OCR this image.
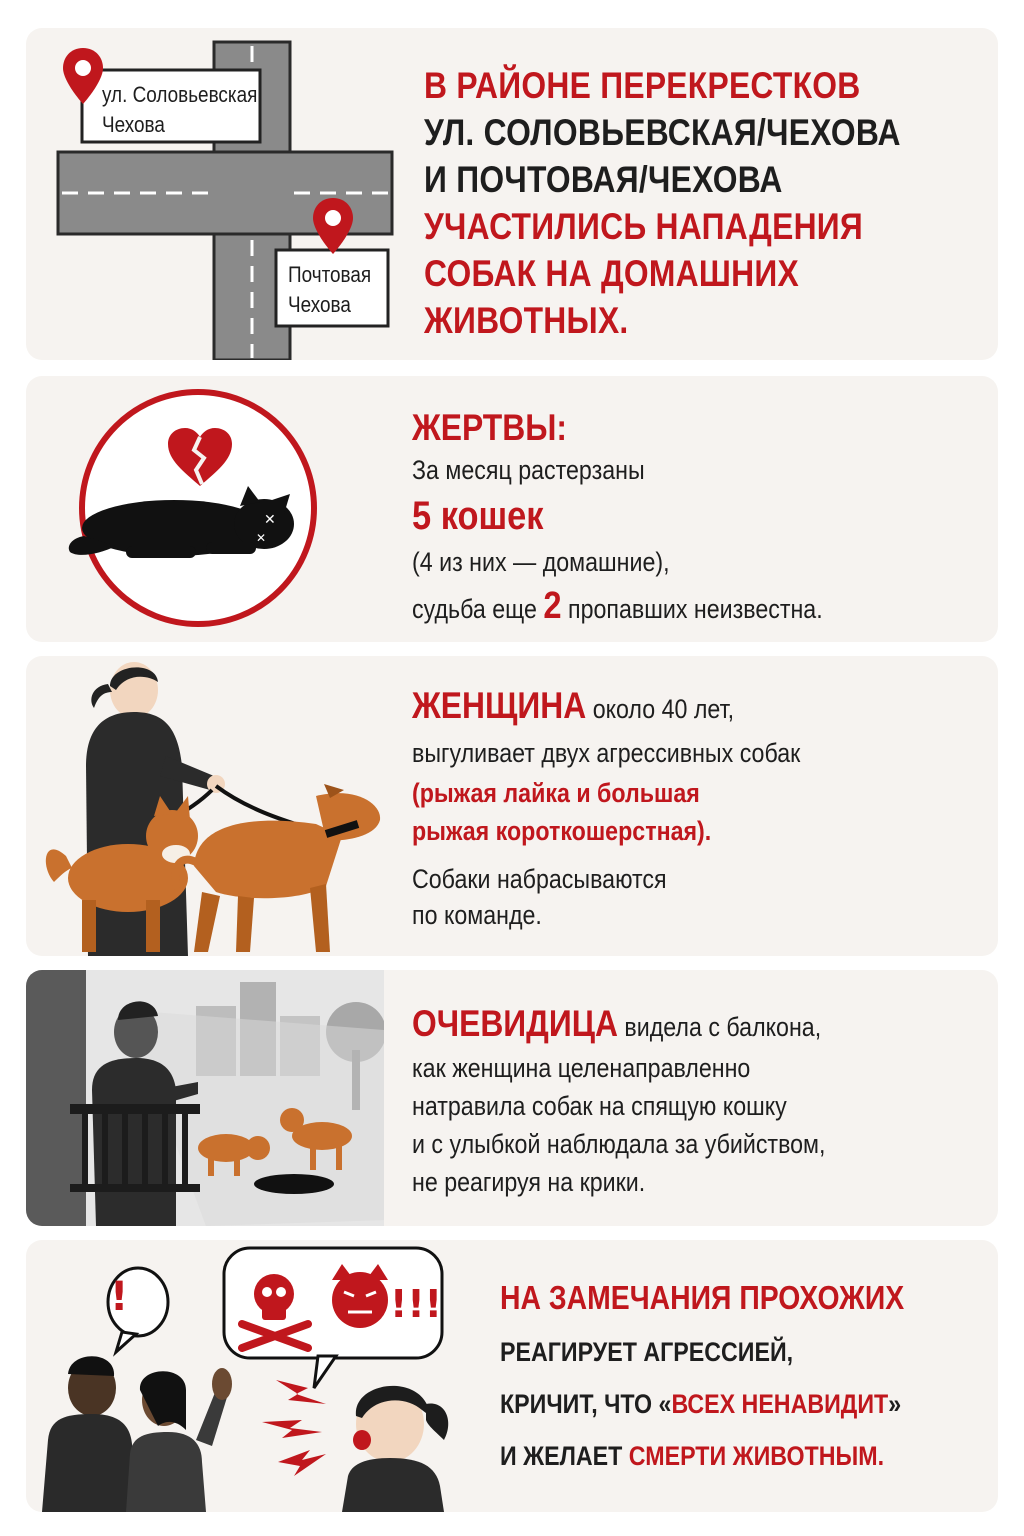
ул. Соловьевская
Чехова
Почтовая
Чехова
В РАЙОНЕ ПЕРЕКРЕСТКОВ
УЛ. СОЛОВЬЕВСКАЯ/ЧЕХОВА
И ПОЧТОВАЯ/ЧЕХОВА
УЧАСТИЛИСЬ НАПАДЕНИЯ
СОБАК НА ДОМАШНИХ
ЖИВОТНЫХ.
✕
✕
ЖЕРТВЫ:
За месяц растерзаны
5 кошек
(4 из них — домашние),
судьба еще 2 пропавших неизвестна.
ЖЕНЩИНА около 40 лет,
выгуливает двух агрессивных собак
(рыжая лайка и большая
рыжая короткошерстная).
Собаки набрасываются
по команде.
ОЧЕВИДИЦА видела с балкона,
как женщина целенаправленно
натравила собак на спящую кошку
и с улыбкой наблюдала за убийством,
не реагируя на крики.
!	!!! НА ЗАМЕЧАНИЯ ПРОХОЖИХ
РЕАГИРУЕТ АГРЕССИЕЙ,
КРИЧИТ, ЧТО «ВСЕХ НЕНАВИДИТ»
И ЖЕЛАЕТ СМЕРТИ ЖИВОТНЫМ.
